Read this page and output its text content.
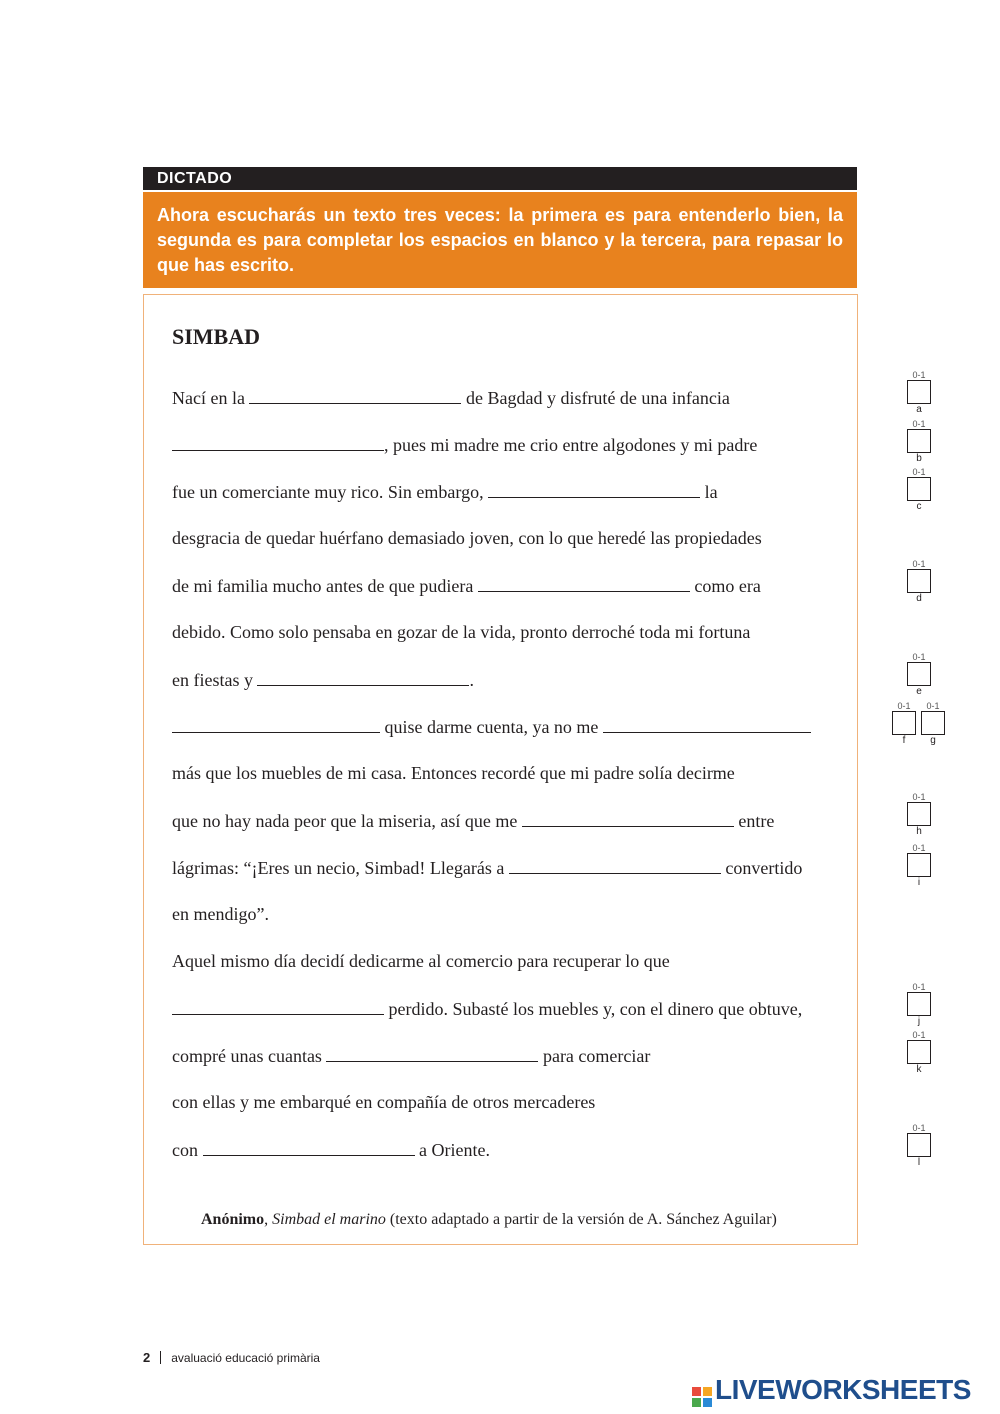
DICTADO
Ahora escucharás un texto tres veces: la primera es para entenderlo bien, la segunda es para completar los espacios en blanco y la tercera, para repasar lo que has escrito.
SIMBAD
Nací en la	de Bagdad y disfruté de una infancia
, pues mi madre me crio entre algodones y mi padre
fue un comerciante muy rico. Sin embargo,	la
desgracia de quedar huérfano demasiado joven, con lo que heredé las propiedades
de mi familia mucho antes de que pudiera	como era
debido. Como solo pensaba en gozar de la vida, pronto derroché toda mi fortuna
en fiestas y	.
quise darme cuenta, ya no me
más que los muebles de mi casa. Entonces recordé que mi padre solía decirme
que no hay nada peor que la miseria, así que me	entre
lágrimas: “¡Eres un necio, Simbad! Llegarás a	convertido
en mendigo”.
Aquel mismo día decidí dedicarme al comercio para recuperar lo que
perdido. Subasté los muebles y, con el dinero que obtuve,
compré unas cuantas	para comerciar
con ellas y me embarqué en compañía de otros mercaderes
con	a Oriente.
Anónimo, Simbad el marino (texto adaptado a partir de la versión de A. Sánchez Aguilar)
0-1
a
0-1
b
0-1
c
0-1
d
0-1
e
0-1
f
0-1
g
0-1
h
0-1
i
0-1
j
0-1
k
0-1
l
2 avaluació educació primària
LIVEWORKSHEETS
